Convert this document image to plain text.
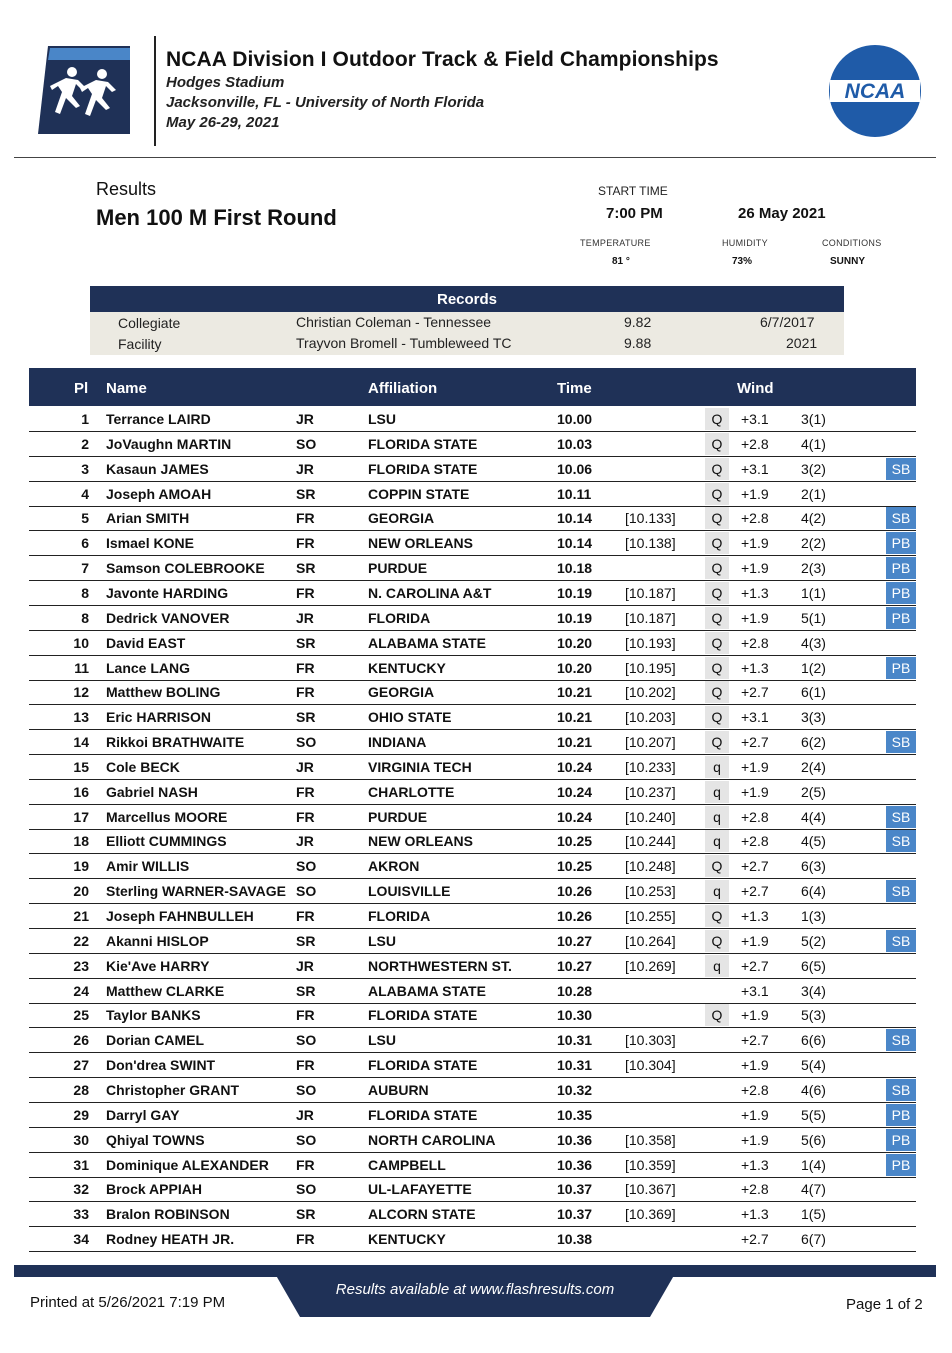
NCAA Division I Outdoor Track & Field Championships
Hodges Stadium
Jacksonville, FL - University of North Florida
May 26-29, 2021
NCAA
Results
Men 100 M First Round
START TIME
7:00 PM	26 May 2021
TEMPERATURE
81 °
HUMIDITY
73%
CONDITIONS
SUNNY
Records
Collegiate	Christian Coleman - Tennessee	9.82	6/7/2017
Facility	Trayvon Bromell - Tumbleweed TC	9.88	2021
Pl Name	Affiliation	Time	Wind
1 Terrance LAIRD	JR	LSU	10.00	Q	+3.1 3(1)
2 JoVaughn MARTIN	SO	FLORIDA STATE	10.03	Q	+2.8 4(1)
3 Kasaun JAMES	JR	FLORIDA STATE	10.06	Q	+3.1 3(2)	SB
4 Joseph AMOAH	SR	COPPIN STATE	10.11	Q	+1.9 2(1)
5 Arian SMITH	FR	GEORGIA	10.14 [10.133]	Q	+2.8 4(2)	SB
6 Ismael KONE	FR	NEW ORLEANS	10.14 [10.138]	Q	+1.9 2(2)	PB
7 Samson COLEBROOKE SR	PURDUE	10.18	Q	+1.9 2(3)	PB
8 Javonte HARDING	FR	N. CAROLINA A&T	10.19 [10.187]	Q	+1.3 1(1)	PB
8 Dedrick VANOVER	JR	FLORIDA	10.19 [10.187]	Q	+1.9 5(1)	PB
10 David EAST	SR	ALABAMA STATE	10.20 [10.193]	Q	+2.8 4(3)
11 Lance LANG	FR	KENTUCKY	10.20 [10.195]	Q	+1.3 1(2)	PB
12 Matthew BOLING	FR	GEORGIA	10.21 [10.202]	Q	+2.7 6(1)
13 Eric HARRISON	SR	OHIO STATE	10.21 [10.203]	Q	+3.1 3(3)
14 Rikkoi BRATHWAITE	SO	INDIANA	10.21 [10.207]	Q	+2.7 6(2)	SB
15 Cole BECK	JR	VIRGINIA TECH	10.24 [10.233]	q	+1.9 2(4)
16 Gabriel NASH	FR	CHARLOTTE	10.24 [10.237]	q	+1.9 2(5)
17 Marcellus MOORE	FR	PURDUE	10.24 [10.240]	q	+2.8 4(4)	SB
18 Elliott CUMMINGS	JR	NEW ORLEANS	10.25 [10.244]	q	+2.8 4(5)	SB
19 Amir WILLIS	SO	AKRON	10.25 [10.248]	Q	+2.7 6(3)
20 Sterling WARNER-SAVAGE SO	LOUISVILLE	10.26 [10.253]	q	+2.7 6(4)	SB
21 Joseph FAHNBULLEH	FR	FLORIDA	10.26 [10.255]	Q	+1.3 1(3)
22 Akanni HISLOP	SR	LSU	10.27 [10.264]	Q	+1.9 5(2)	SB
23 Kie'Ave HARRY	JR	NORTHWESTERN ST.	10.27 [10.269]	q	+2.7 6(5)
24 Matthew CLARKE	SR	ALABAMA STATE	10.28	+3.1 3(4)
25 Taylor BANKS	FR	FLORIDA STATE	10.30	Q	+1.9 5(3)
26 Dorian CAMEL	SO	LSU	10.31 [10.303]	+2.7 6(6)	SB
27 Don'drea SWINT	FR	FLORIDA STATE	10.31 [10.304]	+1.9 5(4)
28 Christopher GRANT	SO	AUBURN	10.32	+2.8 4(6)	SB
29 Darryl GAY	JR	FLORIDA STATE	10.35	+1.9 5(5)	PB
30 Qhiyal TOWNS	SO	NORTH CAROLINA	10.36 [10.358]	+1.9 5(6)	PB
31 Dominique ALEXANDER FR	CAMPBELL	10.36 [10.359]	+1.3 1(4)	PB
32 Brock APPIAH	SO	UL-LAFAYETTE	10.37 [10.367]	+2.8 4(7)
33 Bralon ROBINSON	SR	ALCORN STATE	10.37 [10.369]	+1.3 1(5)
34 Rodney HEATH JR.	FR	KENTUCKY	10.38	+2.7 6(7)
Results available at www.flashresults.com
Printed at 5/26/2021 7:19 PM	Page 1 of 2
